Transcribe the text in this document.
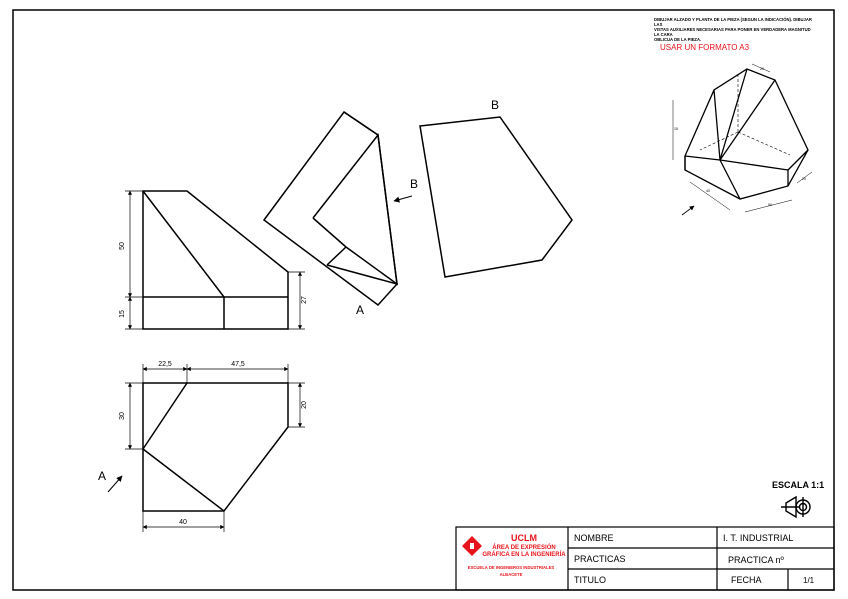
50
15
27
22,5	47,5
30
20
40
A
A
B
B
20
15
40
50
20
UCLM
ÁREA DE EXPRESIÓN
GRÁFICA EN LA INGENIERÍA
ESCUELA DE INGENIEROS INDUSTRIALES
ALBACETE
NOMBRE	I. T. INDUSTRIAL
PRACTICAS	PRACTICA nº
TITULO	FECHA	1/1
DIBUJAR ALZADO Y PLANTA DE LA PIEZA (SEGUN LA INDICACIÓN). DIBUJAR LAS
VISTAS AUXILIARES NECESARIAS PARA PONER EN VERDADERA MAGNITUD LA CARA
OBLICUA DE LA PIEZA.
USAR UN FORMATO A3
ESCALA 1:1
